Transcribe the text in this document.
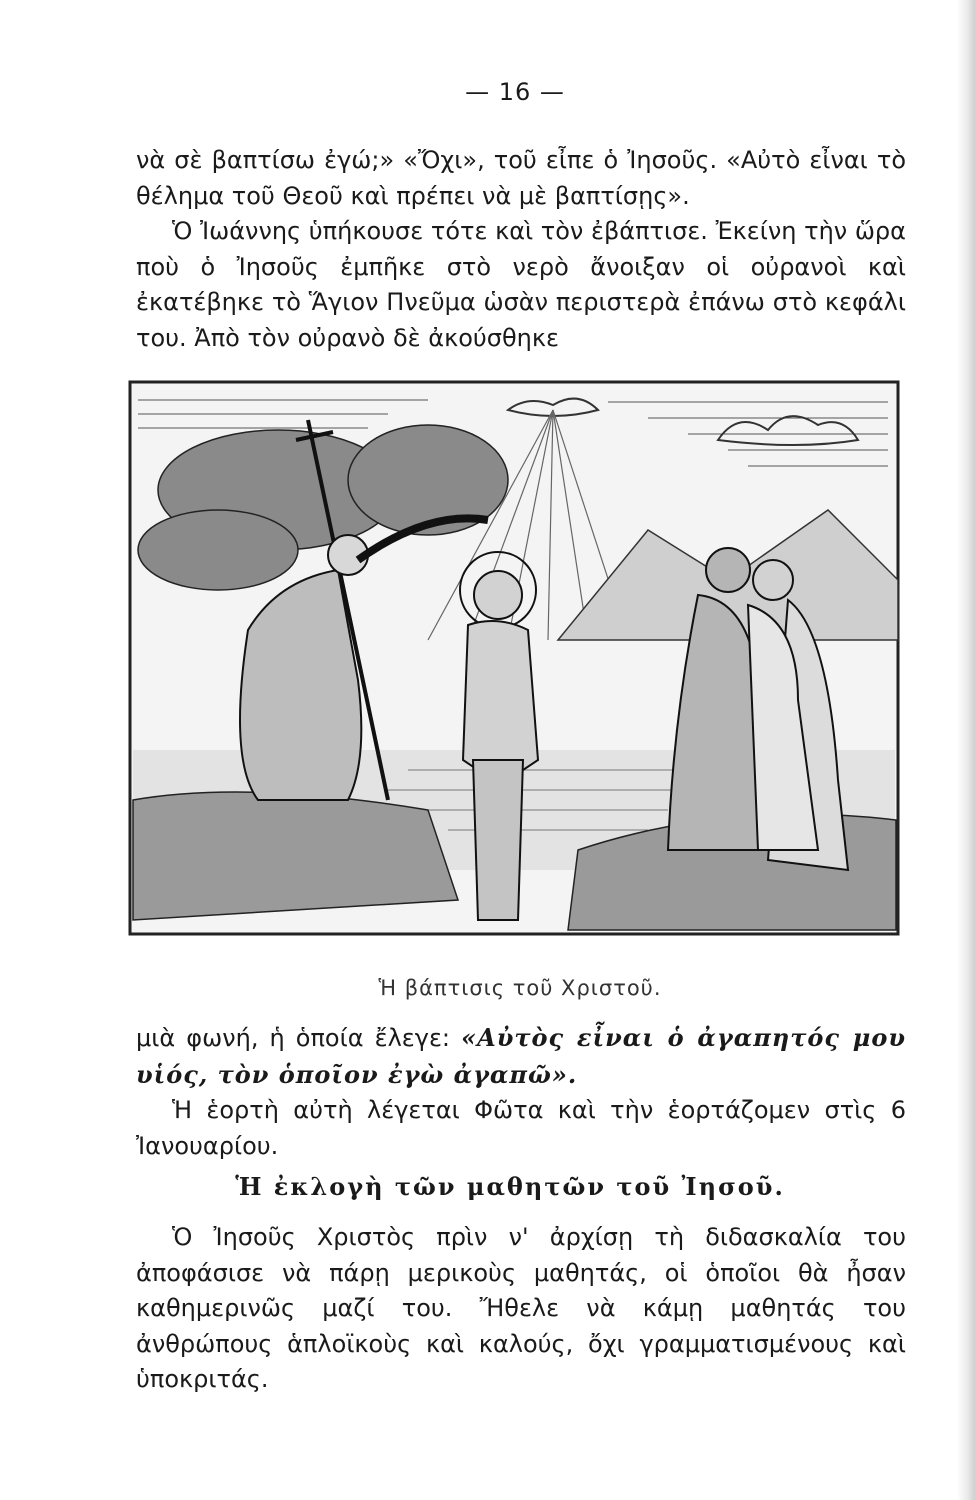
— 16 —

νὰ σὲ βαπτίσω ἐγώ;» «Ὄχι», τοῦ εἶπε ὁ Ἰησοῦς. «Αὐτὸ εἶναι τὸ θέλημα τοῦ Θεοῦ καὶ πρέπει νὰ μὲ βαπτίσῃς».

Ὁ Ἰωάννης ὑπήκουσε τότε καὶ τὸν ἐβάπτισε. Ἐκείνη τὴν ὥρα ποὺ ὁ Ἰησοῦς ἐμπῆκε στὸ νερὸ ἄνοιξαν οἱ οὐρανοὶ καὶ ἐκατέβηκε τὸ Ἅγιον Πνεῦμα ὡσὰν περιστερὰ ἐπάνω στὸ κεφάλι του. Ἀπὸ τὸν οὐρανὸ δὲ ἀκούσθηκε

Ἡ βάπτισις τοῦ Χριστοῦ.

μιὰ φωνή, ἡ ὁποία ἔλεγε: «Αὐτὸς εἶναι ὁ ἀγαπητός μου υἱός, τὸν ὁποῖον ἐγὼ ἀγαπῶ».

Ἡ ἑορτὴ αὐτὴ λέγεται Φῶτα καὶ τὴν ἑορτάζομεν στὶς 6 Ἰανουαρίου.

Ἡ ἐκλογὴ τῶν μαθητῶν τοῦ Ἰησοῦ.

Ὁ Ἰησοῦς Χριστὸς πρὶν ν' ἀρχίσῃ τὴ διδασκαλία του ἀποφάσισε νὰ πάρῃ μερικοὺς μαθητάς, οἱ ὁποῖοι θὰ ἦσαν καθημερινῶς μαζί του. Ἤθελε νὰ κάμῃ μαθητάς του ἀνθρώπους ἁπλοϊκοὺς καὶ καλούς, ὄχι γραμματισμένους καὶ ὑποκριτάς.
